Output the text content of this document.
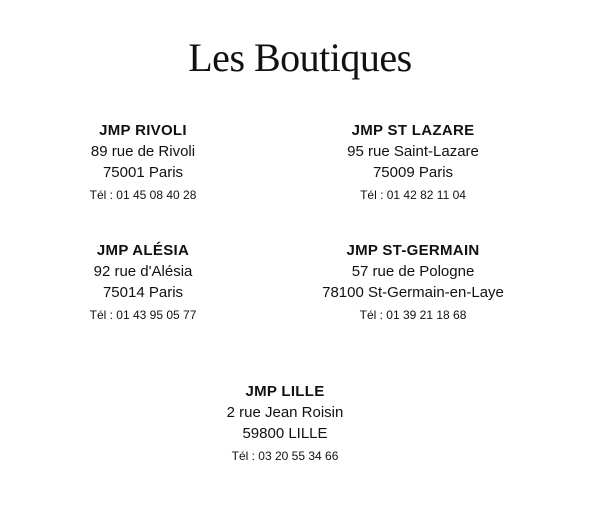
Les Boutiques
JMP RIVOLI
89 rue de Rivoli
75001 Paris
Tél : 01 45 08 40 28
JMP ST LAZARE
95 rue Saint-Lazare
75009 Paris
Tél : 01 42 82 11 04
JMP ALÉSIA
92 rue d'Alésia
75014 Paris
Tél : 01 43 95 05 77
JMP ST-GERMAIN
57 rue de Pologne
78100 St-Germain-en-Laye
Tél : 01 39 21 18 68
JMP LILLE
2 rue Jean Roisin
59800 LILLE
Tél : 03 20 55 34 66
